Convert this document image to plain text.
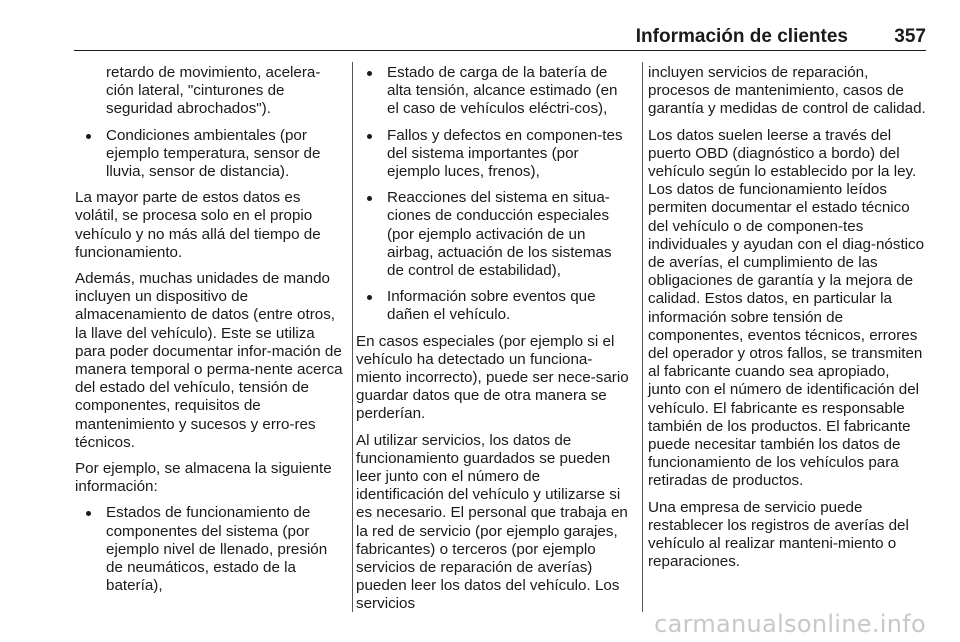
Información de clientes 357
retardo de movimiento, acelera-ción lateral, "cinturones de seguridad abrochados").
Condiciones ambientales (por ejemplo temperatura, sensor de lluvia, sensor de distancia).

La mayor parte de estos datos es volátil, se procesa solo en el propio vehículo y no más allá del tiempo de funcionamiento.

Además, muchas unidades de mando incluyen un dispositivo de almacenamiento de datos (entre otros, la llave del vehículo). Este se utiliza para poder documentar infor-mación de manera temporal o perma-nente acerca del estado del vehículo, tensión de componentes, requisitos de mantenimiento y sucesos y erro-res técnicos.

Por ejemplo, se almacena la siguiente información:

Estados de funcionamiento de componentes del sistema (por ejemplo nivel de llenado, presión de neumáticos, estado de la batería),
Estado de carga de la batería de alta tensión, alcance estimado (en el caso de vehículos eléctri-cos),
Fallos y defectos en componen-tes del sistema importantes (por ejemplo luces, frenos),
Reacciones del sistema en situa-ciones de conducción especiales (por ejemplo activación de un airbag, actuación de los sistemas de control de estabilidad),
Información sobre eventos que dañen el vehículo.

En casos especiales (por ejemplo si el vehículo ha detectado un funciona-miento incorrecto), puede ser nece-sario guardar datos que de otra manera se perderían.

Al utilizar servicios, los datos de funcionamiento guardados se pueden leer junto con el número de identificación del vehículo y utilizarse si es necesario. El personal que trabaja en la red de servicio (por ejemplo garajes, fabricantes) o terceros (por ejemplo servicios de reparación de averías) pueden leer los datos del vehículo. Los servicios

incluyen servicios de reparación, procesos de mantenimiento, casos de garantía y medidas de control de calidad.

Los datos suelen leerse a través del puerto OBD (diagnóstico a bordo) del vehículo según lo establecido por la ley. Los datos de funcionamiento leídos permiten documentar el estado técnico del vehículo o de componen-tes individuales y ayudan con el diag-nóstico de averías, el cumplimiento de las obligaciones de garantía y la mejora de calidad. Estos datos, en particular la información sobre tensión de componentes, eventos técnicos, errores del operador y otros fallos, se transmiten al fabricante cuando sea apropiado, junto con el número de identificación del vehículo. El fabricante es responsable también de los productos. El fabricante puede necesitar también los datos de funcionamiento de los vehículos para retiradas de productos.

Una empresa de servicio puede restablecer los registros de averías del vehículo al realizar manteni-miento o reparaciones.

carmanualsonline.info
